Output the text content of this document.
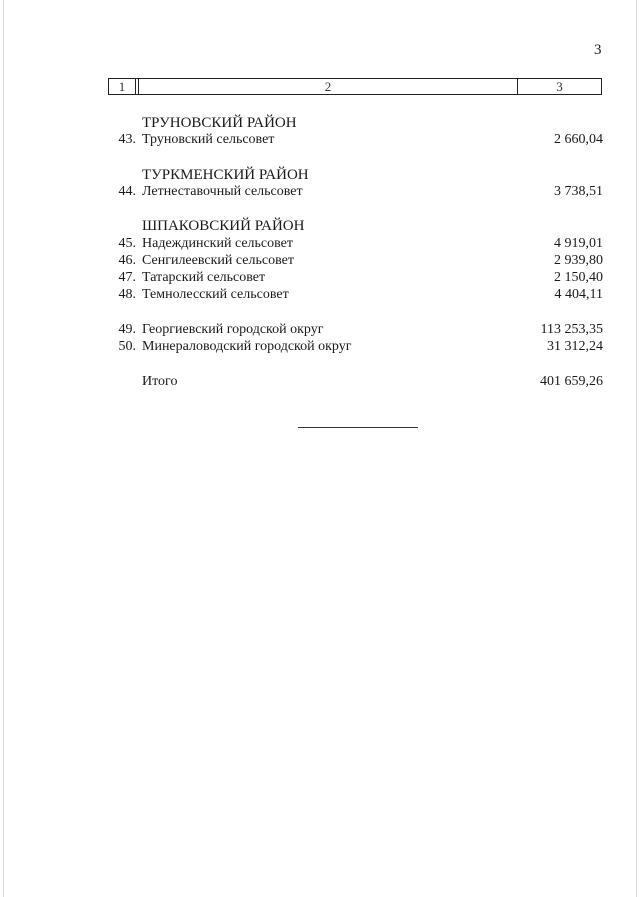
3
1	2	3
ТРУНОВСКИЙ РАЙОН
43. Труновский сельсовет	2 660,04
ТУРКМЕНСКИЙ РАЙОН
44. Летнеставочный сельсовет	3 738,51
ШПАКОВСКИЙ РАЙОН
45. Надеждинский сельсовет	4 919,01
46. Сенгилеевский сельсовет	2 939,80
47. Татарский сельсовет	2 150,40
48. Темнолесский сельсовет	4 404,11
49. Георгиевский городской округ	113 253,35
50. Минераловодский городской округ	31 312,24
Итого	401 659,26
